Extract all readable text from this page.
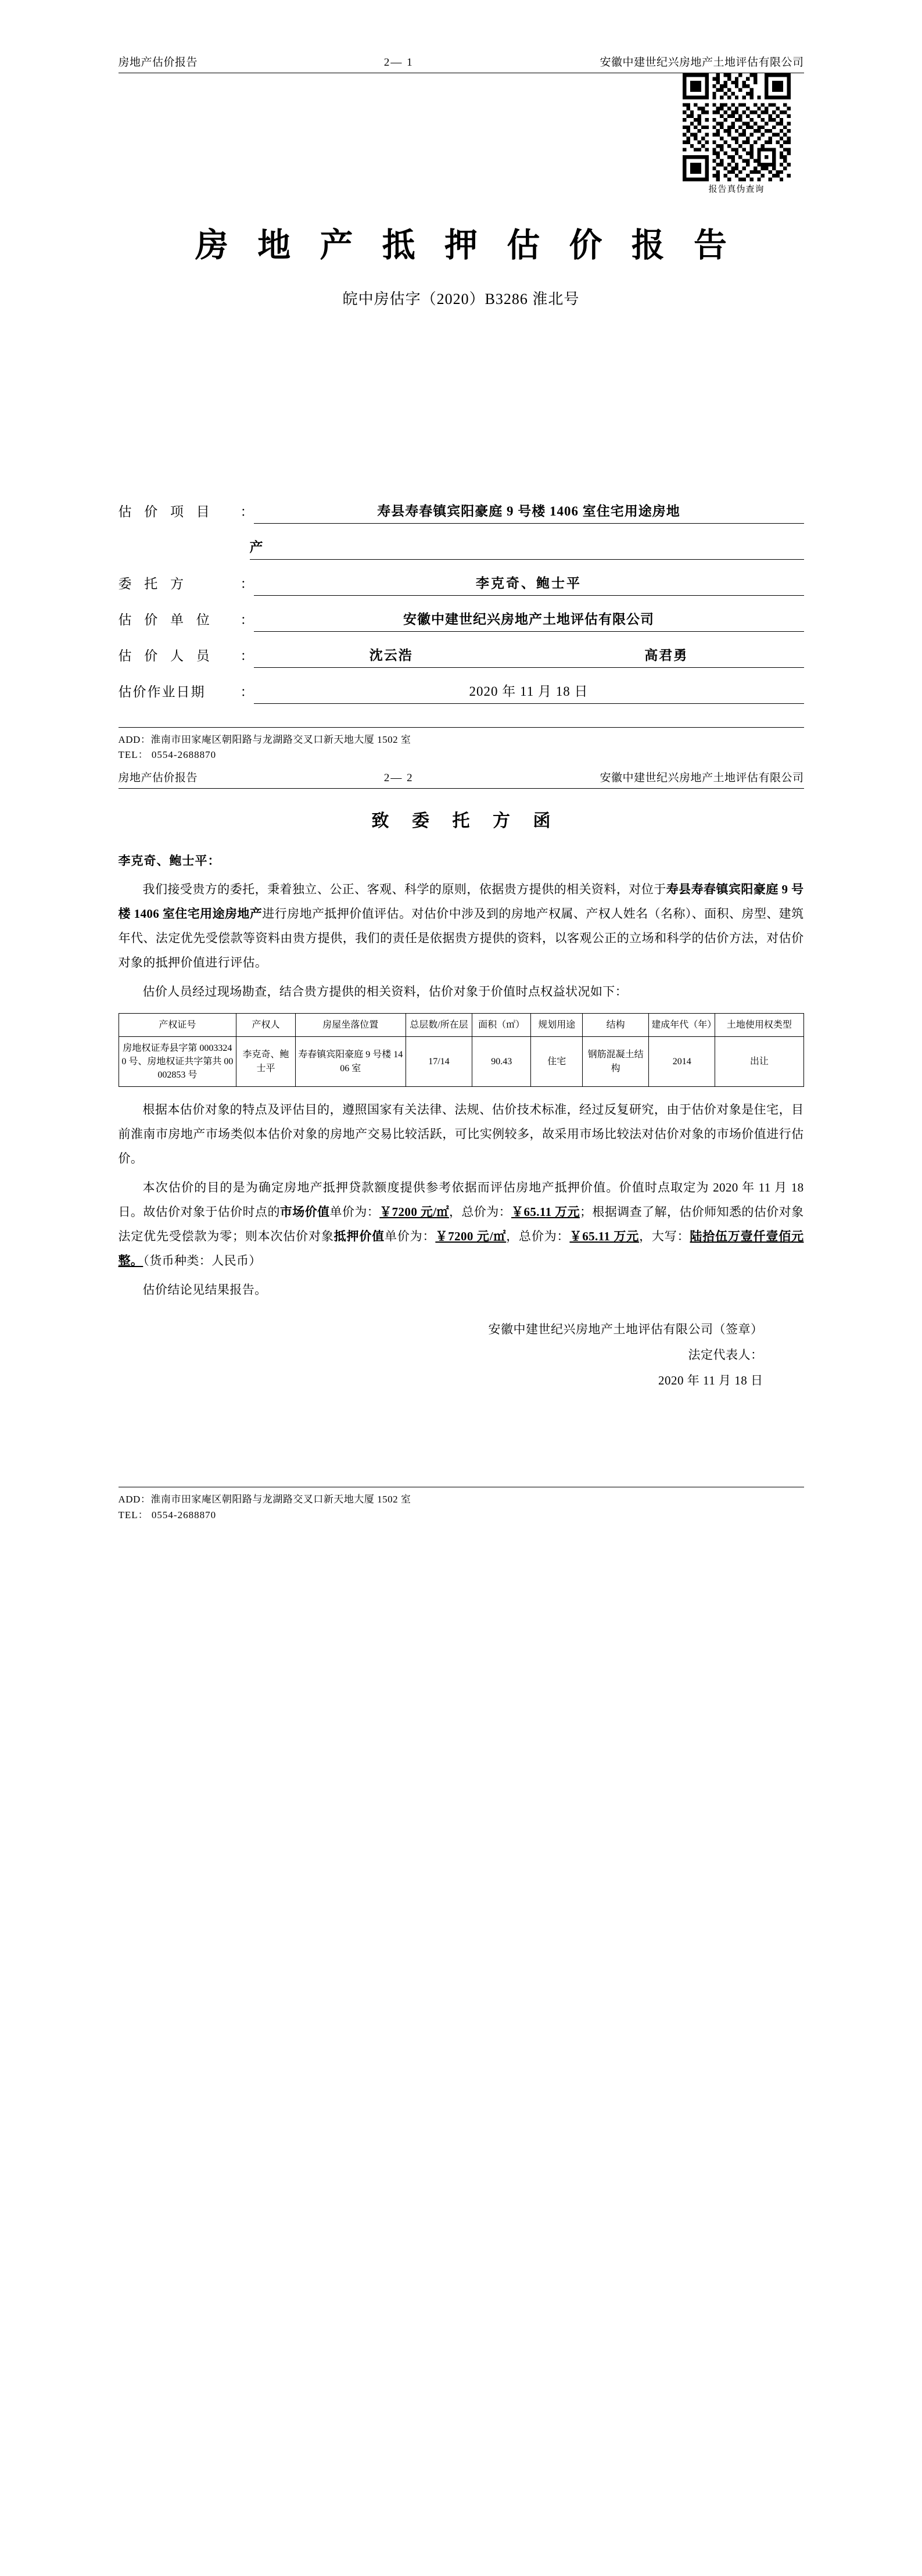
房地产估价报告	2— 1	安徽中建世纪兴房地产土地评估有限公司
报告真伪查询
房 地 产 抵 押 估 价 报 告
皖中房估字（2020）B3286 淮北号
估 价 项 目	：	寿县寿春镇宾阳豪庭 9 号楼 1406 室住宅用途房地
产
委 托 方	：	李克奇、鲍士平
估 价 单 位	：	安徽中建世纪兴房地产土地评估有限公司
估 价 人 员	：	沈云浩	高君勇
估价作业日期	：	2020 年 11 月 18 日
ADD：淮南市田家庵区朝阳路与龙湖路交叉口新天地大厦 1502 室
TEL： 0554-2688870
房地产估价报告	2— 2	安徽中建世纪兴房地产土地评估有限公司
致 委 托 方 函
李克奇、鲍士平：

我们接受贵方的委托，秉着独立、公正、客观、科学的原则，依据贵方提供的相关资料，对位于寿县寿春镇宾阳豪庭 9 号楼 1406 室住宅用途房地产进行房地产抵押价值评估。对估价中涉及到的房地产权属、产权人姓名（名称）、面积、房型、建筑年代、法定优先受偿款等资料由贵方提供，我们的责任是依据贵方提供的资料，以客观公正的立场和科学的估价方法，对估价对象的抵押价值进行评估。

估价人员经过现场勘查，结合贵方提供的相关资料，估价对象于价值时点权益状况如下：

产权证号	产权人	房屋坐落位置	总层数/所在层	面积（㎡）	规划用途	结构	建成年代（年）	土地使用权类型
房地权证寿县字第 00033240 号、房地权证共字第共 00002853 号	李克奇、鲍士平	寿春镇宾阳豪庭 9 号楼 1406 室	17/14	90.43	住宅	钢筋混凝土结构	2014	出让

根据本估价对象的特点及评估目的，遵照国家有关法律、法规、估价技术标准，经过反复研究，由于估价对象是住宅，目前淮南市房地产市场类似本估价对象的房地产交易比较活跃，可比实例较多，故采用市场比较法对估价对象的市场价值进行估价。

本次估价的目的是为确定房地产抵押贷款额度提供参考依据而评估房地产抵押价值。价值时点取定为 2020 年 11 月 18 日。故估价对象于估价时点的市场价值单价为：￥7200 元/㎡，总价为：￥65.11 万元；根据调查了解，估价师知悉的估价对象法定优先受偿款为零；则本次估价对象抵押价值单价为：￥7200 元/㎡，总价为：￥65.11 万元，大写：陆拾伍万壹仟壹佰元整。（货币种类：人民币）

估价结论见结果报告。

安徽中建世纪兴房地产土地评估有限公司（签章）
法定代表人：
2020 年 11 月 18 日
ADD：淮南市田家庵区朝阳路与龙湖路交叉口新天地大厦 1502 室
TEL： 0554-2688870
